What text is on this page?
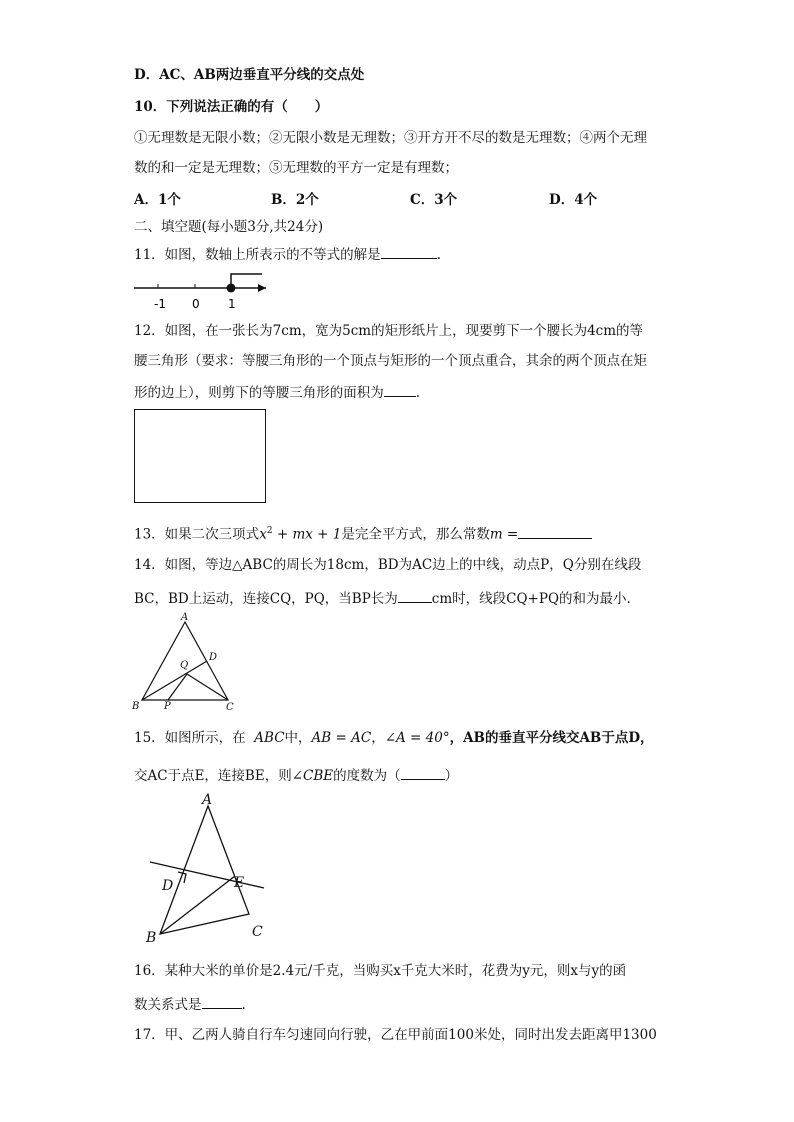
D．AC、AB两边垂直平分线的交点处
10．下列说法正确的有（　　）
①无理数是无限小数；②无限小数是无理数；③开方开不尽的数是无理数；④两个无理
数的和一定是无理数；⑤无理数的平方一定是有理数；
A．1个	B．2个	C．3个	D．4个
二、填空题(每小题3分,共24分)
11．如图，数轴上所表示的不等式的解是	.
-1 0 1
12．如图，在一张长为7cm，宽为5cm的矩形纸片上，现要剪下一个腰长为4cm的等
腰三角形（要求：等腰三角形的一个顶点与矩形的一个顶点重合，其余的两个顶点在矩
形的边上），则剪下的等腰三角形的面积为 .
13．如果二次三项式$x^2$ + mx + 1是完全平方式，那么常数m =
14．如图，等边△ABC的周长为18cm，BD为AC边上的中线，动点P，Q分别在线段
BC，BD上运动，连接CQ，PQ，当BP长为	cm时，线段CQ+PQ的和为最小.
A
B	C
D
Q
P
15．如图所示，在 ABC中，AB = AC，∠A = 40°，AB的垂直平分线交AB于点D，
交AC于点E，连接BE，则∠CBE的度数为（	）
A
B	C
D	E
16．某种大米的单价是2.4元/千克，当购买x千克大米时，花费为y元，则x与y的函
数关系式是	.
17．甲、乙两人骑自行车匀速同向行驶，乙在甲前面100米处，同时出发去距离甲1300
